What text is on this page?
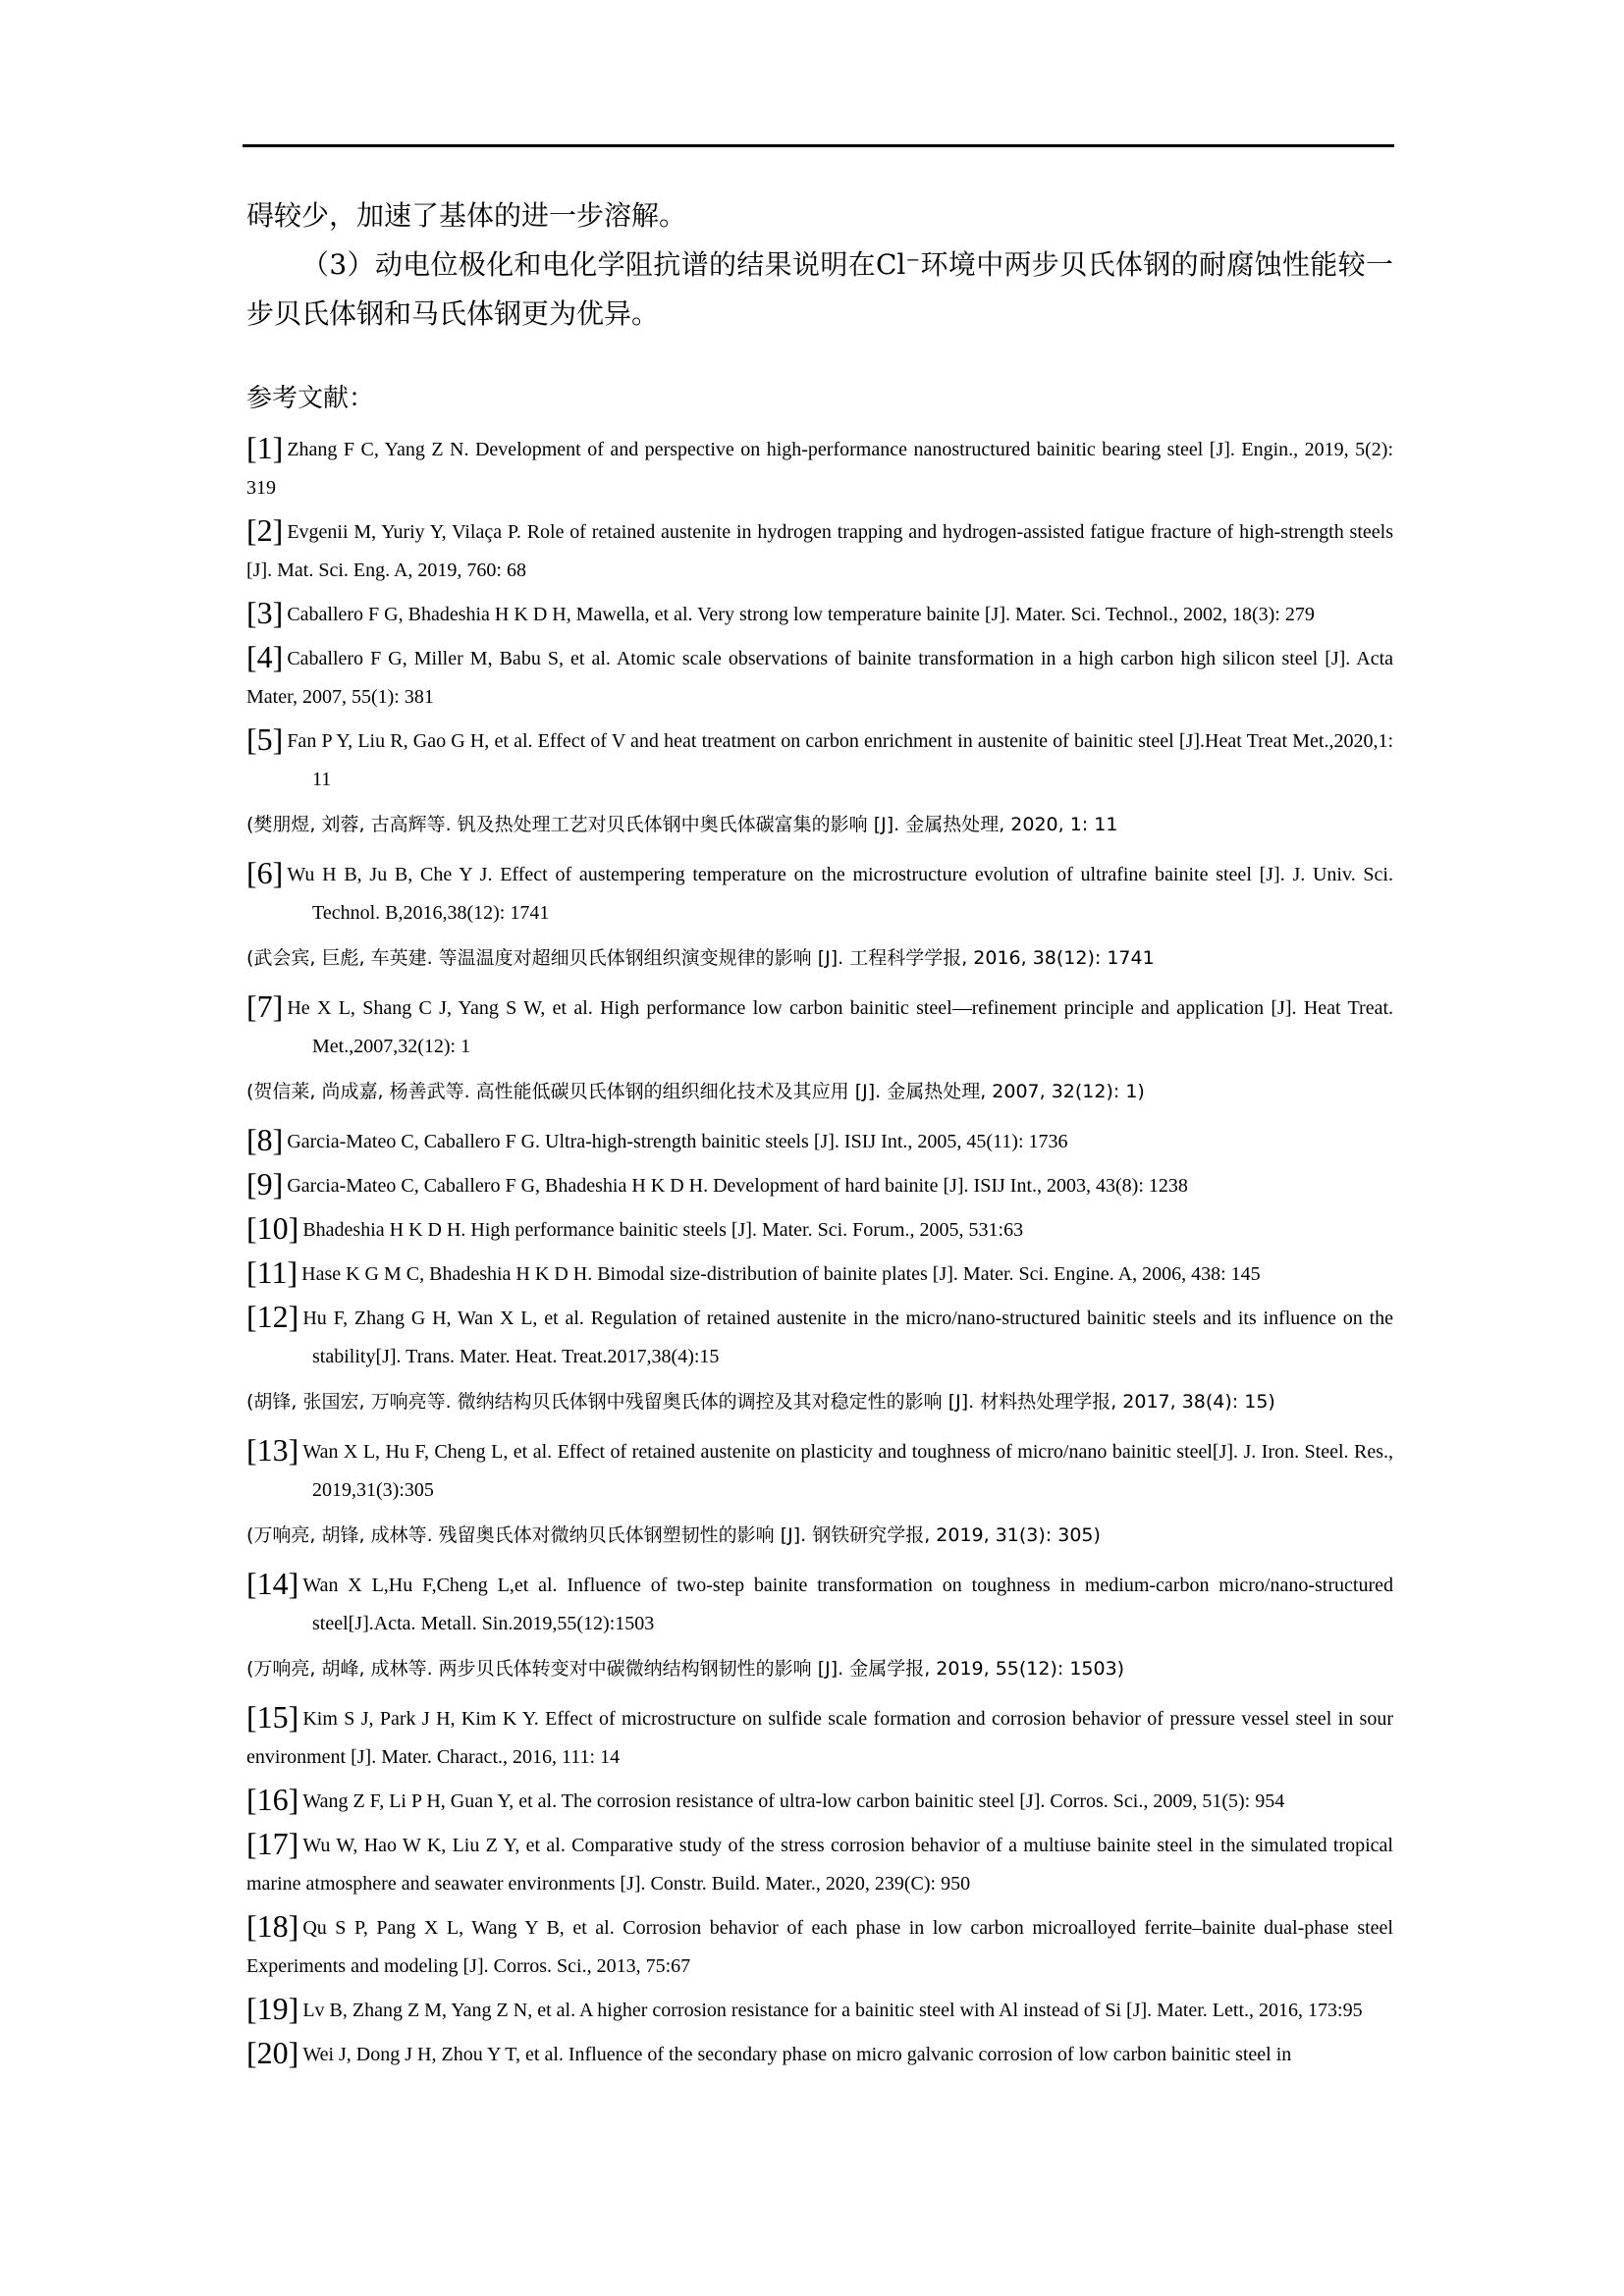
碍较少，加速了基体的进一步溶解。

（3）动电位极化和电化学阻抗谱的结果说明在Cl⁻环境中两步贝氏体钢的耐腐蚀性能较一步贝氏体钢和马氏体钢更为优异。

参考文献：
[1] Zhang F C, Yang Z N. Development of and perspective on high-performance nanostructured bainitic bearing steel [J]. Engin., 2019, 5(2): 319
[2] Evgenii M, Yuriy Y, Vilaça P. Role of retained austenite in hydrogen trapping and hydrogen-assisted fatigue fracture of high-strength steels [J]. Mat. Sci. Eng. A, 2019, 760: 68
[3] Caballero F G, Bhadeshia H K D H, Mawella, et al. Very strong low temperature bainite [J]. Mater. Sci. Technol., 2002, 18(3): 279
[4] Caballero F G, Miller M, Babu S, et al. Atomic scale observations of bainite transformation in a high carbon high silicon steel [J]. Acta Mater, 2007, 55(1): 381
[5] Fan P Y, Liu R, Gao G H, et al. Effect of V and heat treatment on carbon enrichment in austenite of bainitic steel [J].Heat Treat Met.,2020,1: 11
(樊朋煜, 刘蓉, 古高辉等. 钒及热处理工艺对贝氏体钢中奥氏体碳富集的影响 [J]. 金属热处理, 2020, 1: 11
[6] Wu H B, Ju B, Che Y J. Effect of austempering temperature on the microstructure evolution of ultrafine bainite steel [J]. J. Univ. Sci. Technol. B,2016,38(12): 1741
(武会宾, 巨彪, 车英建. 等温温度对超细贝氏体钢组织演变规律的影响 [J]. 工程科学学报, 2016, 38(12): 1741
[7] He X L, Shang C J, Yang S W, et al. High performance low carbon bainitic steel—refinement principle and application [J]. Heat Treat. Met.,2007,32(12): 1
(贺信莱, 尚成嘉, 杨善武等. 高性能低碳贝氏体钢的组织细化技术及其应用 [J]. 金属热处理, 2007, 32(12): 1)
[8] Garcia-Mateo C, Caballero F G. Ultra-high-strength bainitic steels [J]. ISIJ Int., 2005, 45(11): 1736
[9] Garcia-Mateo C, Caballero F G, Bhadeshia H K D H. Development of hard bainite [J]. ISIJ Int., 2003, 43(8): 1238
[10] Bhadeshia H K D H. High performance bainitic steels [J]. Mater. Sci. Forum., 2005, 531:63
[11] Hase K G M C, Bhadeshia H K D H. Bimodal size-distribution of bainite plates [J]. Mater. Sci. Engine. A, 2006, 438: 145
[12] Hu F, Zhang G H, Wan X L, et al. Regulation of retained austenite in the micro/nano-structured bainitic steels and its influence on the stability[J]. Trans. Mater. Heat. Treat.2017,38(4):15
(胡锋, 张国宏, 万响亮等. 微纳结构贝氏体钢中残留奥氏体的调控及其对稳定性的影响 [J]. 材料热处理学报, 2017, 38(4): 15)
[13] Wan X L, Hu F, Cheng L, et al. Effect of retained austenite on plasticity and toughness of micro/nano bainitic steel[J]. J. Iron. Steel. Res., 2019,31(3):305
(万响亮, 胡锋, 成林等. 残留奥氏体对微纳贝氏体钢塑韧性的影响 [J]. 钢铁研究学报, 2019, 31(3): 305)
[14] Wan X L,Hu F,Cheng L,et al. Influence of two-step bainite transformation on toughness in medium-carbon micro/nano-structured steel[J].Acta. Metall. Sin.2019,55(12):1503
(万响亮, 胡峰, 成林等. 两步贝氏体转变对中碳微纳结构钢韧性的影响 [J]. 金属学报, 2019, 55(12): 1503)
[15] Kim S J, Park J H, Kim K Y. Effect of microstructure on sulfide scale formation and corrosion behavior of pressure vessel steel in sour environment [J]. Mater. Charact., 2016, 111: 14
[16] Wang Z F, Li P H, Guan Y, et al. The corrosion resistance of ultra-low carbon bainitic steel [J]. Corros. Sci., 2009, 51(5): 954
[17] Wu W, Hao W K, Liu Z Y, et al. Comparative study of the stress corrosion behavior of a multiuse bainite steel in the simulated tropical marine atmosphere and seawater environments [J]. Constr. Build. Mater., 2020, 239(C): 950
[18] Qu S P, Pang X L, Wang Y B, et al. Corrosion behavior of each phase in low carbon microalloyed ferrite–bainite dual-phase steel Experiments and modeling [J]. Corros. Sci., 2013, 75:67
[19] Lv B, Zhang Z M, Yang Z N, et al. A higher corrosion resistance for a bainitic steel with Al instead of Si [J]. Mater. Lett., 2016, 173:95
[20] Wei J, Dong J H, Zhou Y T, et al. Influence of the secondary phase on micro galvanic corrosion of low carbon bainitic steel in
